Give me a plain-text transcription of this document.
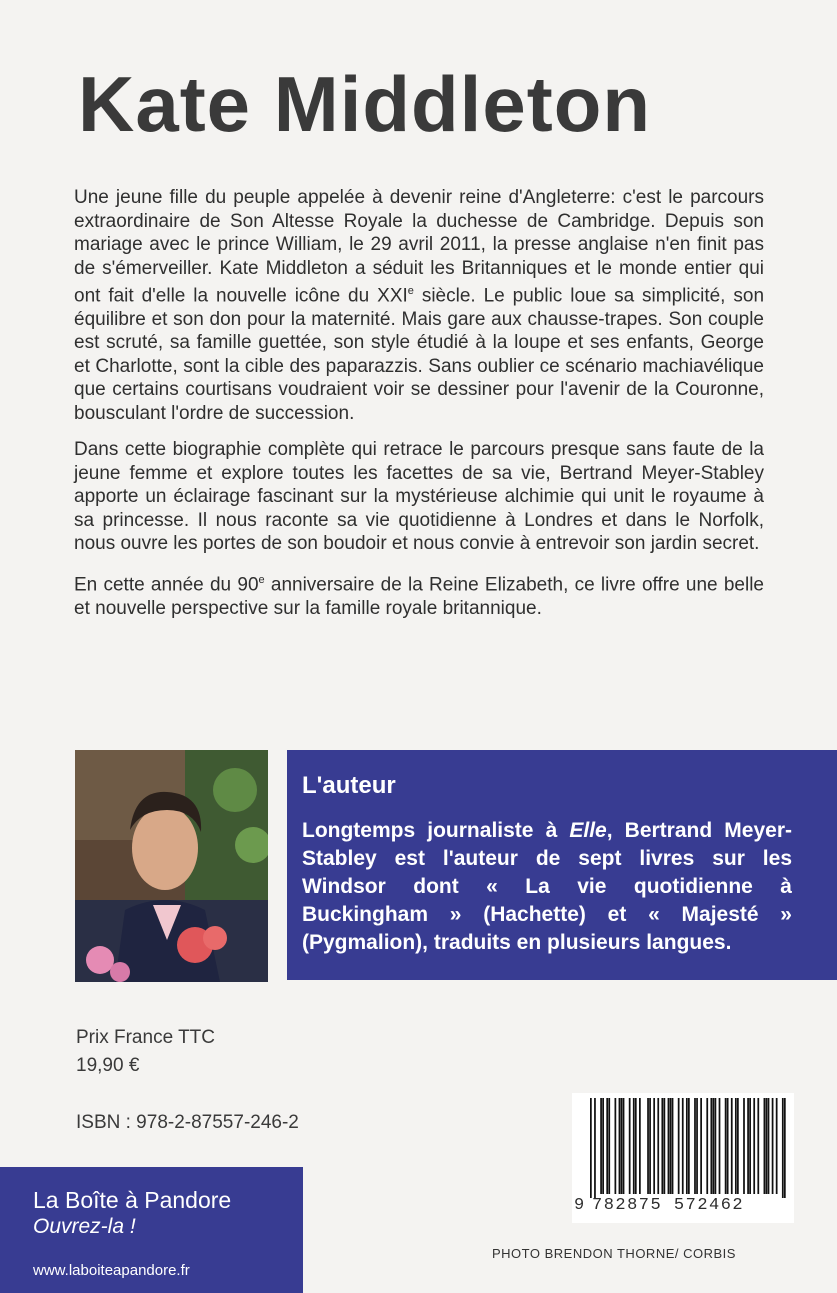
Kate Middleton

Une jeune fille du peuple appelée à devenir reine d'Angleterre: c'est le parcours extraordinaire de Son Altesse Royale la duchesse de Cambridge. Depuis son mariage avec le prince William, le 29 avril 2011, la presse anglaise n'en finit pas de s'émerveiller. Kate Middleton a séduit les Britanniques et le monde entier qui ont fait d'elle la nouvelle icône du XXIe siècle. Le public loue sa simplicité, son équilibre et son don pour la maternité. Mais gare aux chausse-trapes. Son couple est scruté, sa famille guettée, son style étudié à la loupe et ses enfants, George et Charlotte, sont la cible des paparazzis. Sans oublier ce scénario machiavélique que certains courtisans voudraient voir se dessiner pour l'avenir de la Couronne, bousculant l'ordre de succession.

Dans cette biographie complète qui retrace le parcours presque sans faute de la jeune femme et explore toutes les facettes de sa vie, Bertrand Meyer-Stabley apporte un éclairage fascinant sur la mystérieuse alchimie qui unit le royaume à sa princesse. Il nous raconte sa vie quotidienne à Londres et dans le Norfolk, nous ouvre les portes de son boudoir et nous convie à entrevoir son jardin secret.

En cette année du 90e anniversaire de la Reine Elizabeth, ce livre offre une belle et nouvelle perspective sur la famille royale britannique.

L'auteur
Longtemps journaliste à Elle, Bertrand Meyer-Stabley est l'auteur de sept livres sur les Windsor dont « La vie quotidienne à Buckingham » (Hachette) et « Majesté » (Pygmalion), traduits en plusieurs langues.
Prix France TTC
19,90 €
ISBN : 978-2-87557-246-2
9 782875 572462
La Boîte à Pandore
Ouvrez-la !
www.laboiteapandore.fr
PHOTO BRENDON THORNE/ CORBIS
